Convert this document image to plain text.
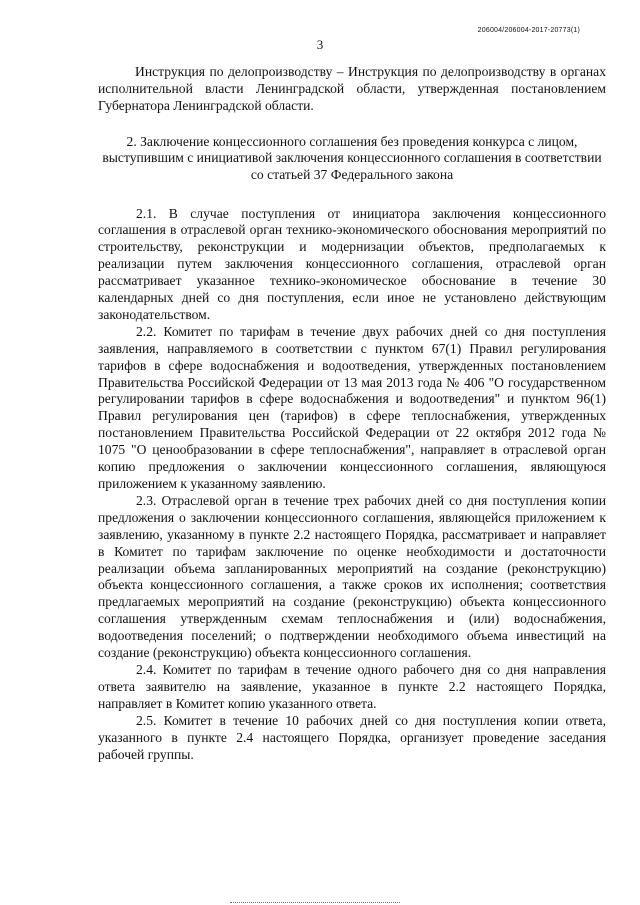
206004/206004-2017-20773(1)
3

Инструкция по делопроизводству – Инструкция по делопроизводству в органах исполнительной власти Ленинградской области, утвержденная постановлением Губернатора Ленинградской области.

2. Заключение концессионного соглашения без проведения конкурса с лицом, выступившим с инициативой заключения концессионного соглашения в соответствии со статьей 37 Федерального закона

2.1. В случае поступления от инициатора заключения концессионного соглашения в отраслевой орган технико-экономического обоснования мероприятий по строительству, реконструкции и модернизации объектов, предполагаемых к реализации путем заключения концессионного соглашения, отраслевой орган рассматривает указанное технико-экономическое обоснование в течение 30 календарных дней со дня поступления, если иное не установлено действующим законодательством.

2.2. Комитет по тарифам в течение двух рабочих дней со дня поступления заявления, направляемого в соответствии с пунктом 67(1) Правил регулирования тарифов в сфере водоснабжения и водоотведения, утвержденных постановлением Правительства Российской Федерации от 13 мая 2013 года № 406 "О государственном регулировании тарифов в сфере водоснабжения и водоотведения" и пунктом 96(1) Правил регулирования цен (тарифов) в сфере теплоснабжения, утвержденных постановлением Правительства Российской Федерации от 22 октября 2012 года № 1075 "О ценообразовании в сфере теплоснабжения", направляет в отраслевой орган копию предложения о заключении концессионного соглашения, являющуюся приложением к указанному заявлению.

2.3. Отраслевой орган в течение трех рабочих дней со дня поступления копии предложения о заключении концессионного соглашения, являющейся приложением к заявлению, указанному в пункте 2.2 настоящего Порядка, рассматривает и направляет в Комитет по тарифам заключение по оценке необходимости и достаточности реализации объема запланированных мероприятий на создание (реконструкцию) объекта концессионного соглашения, а также сроков их исполнения; соответствия предлагаемых мероприятий на создание (реконструкцию) объекта концессионного соглашения утвержденным схемам теплоснабжения и (или) водоснабжения, водоотведения поселений; о подтверждении необходимого объема инвестиций на создание (реконструкцию) объекта концессионного соглашения.

2.4. Комитет по тарифам в течение одного рабочего дня со дня направления ответа заявителю на заявление, указанное в пункте 2.2 настоящего Порядка, направляет в Комитет копию указанного ответа.

2.5. Комитет в течение 10 рабочих дней со дня поступления копии ответа, указанного в пункте 2.4 настоящего Порядка, организует проведение заседания рабочей группы.
